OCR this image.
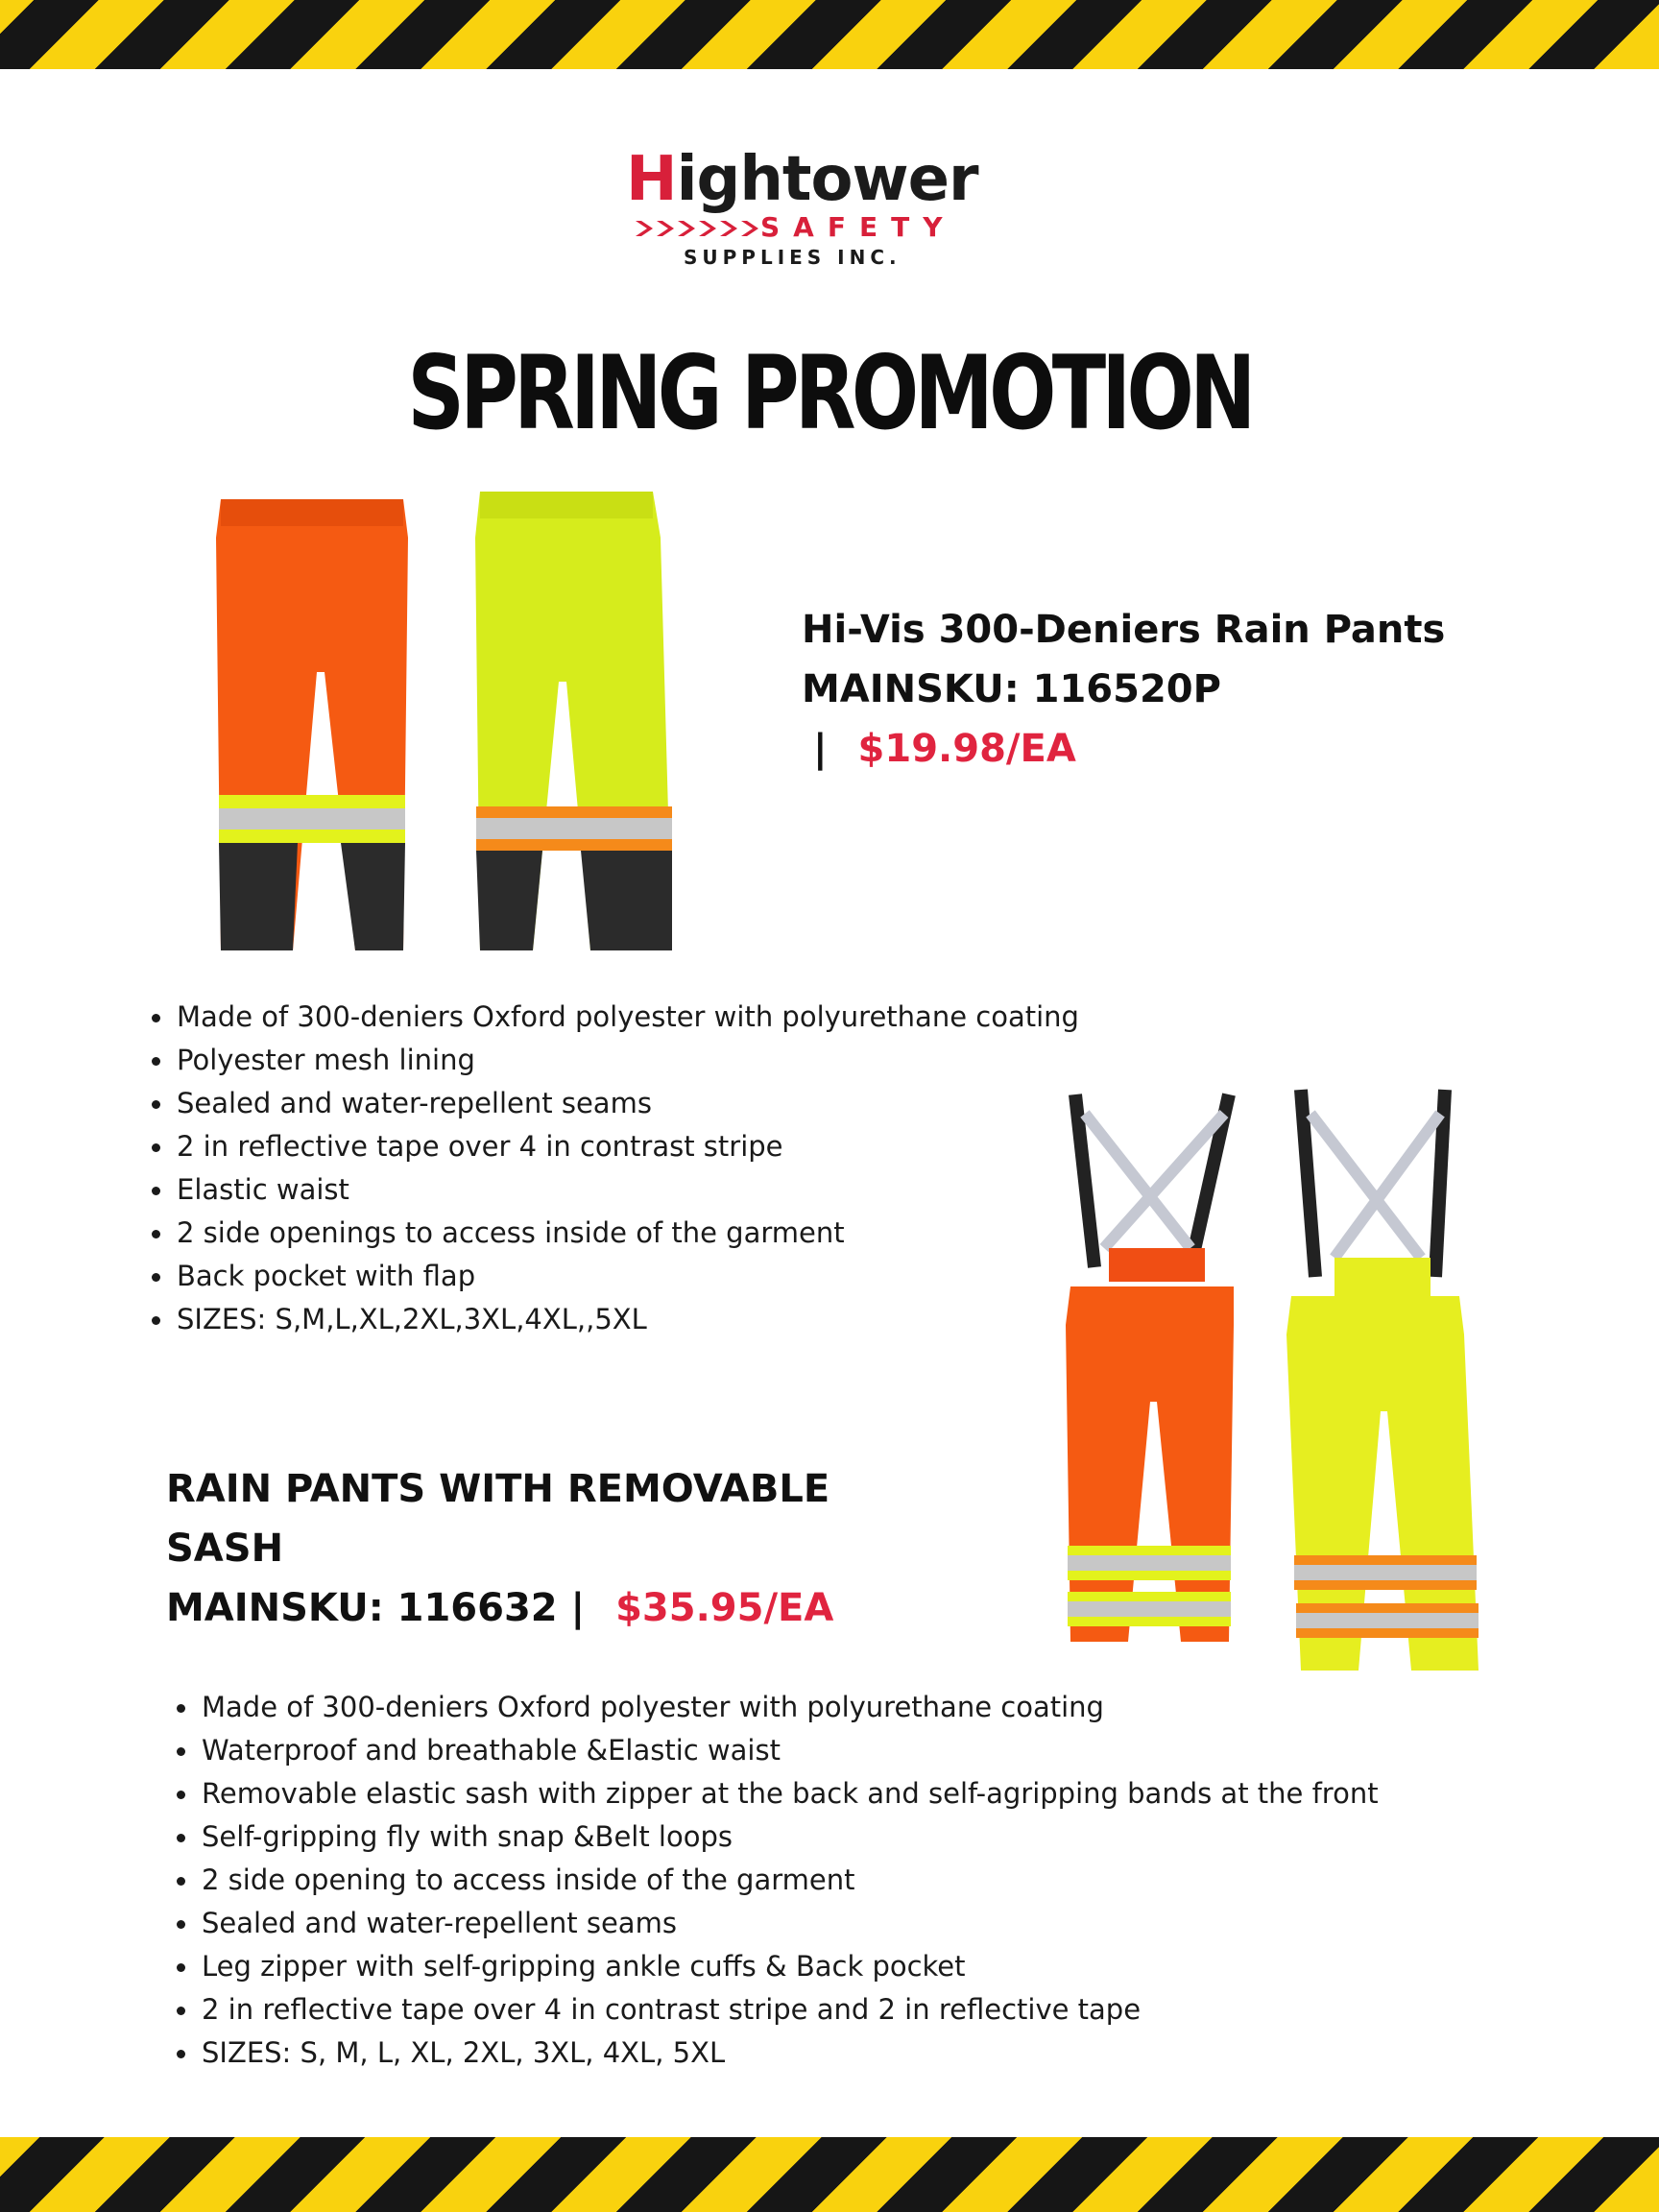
Hightower
SAFETY
SUPPLIES INC.
SPRING PROMOTION
Hi-Vis 300-Deniers Rain Pants
MAINSKU: 116520P
| $19.98/EA
Made of 300-deniers Oxford polyester with polyurethane coating
Polyester mesh lining
Sealed and water-repellent seams
2 in reflective tape over 4 in contrast stripe
Elastic waist
2 side openings to access inside of the garment
Back pocket with flap
SIZES: S,M,L,XL,2XL,3XL,4XL,,5XL
RAIN PANTS WITH REMOVABLE
SASH
MAINSKU: 116632 | $35.95/EA
Made of 300-deniers Oxford polyester with polyurethane coating
Waterproof and breathable &Elastic waist
Removable elastic sash with zipper at the back and self-agripping bands at the front
Self-gripping fly with snap &Belt loops
2 side opening to access inside of the garment
Sealed and water-repellent seams
Leg zipper with self-gripping ankle cuffs & Back pocket
2 in reflective tape over 4 in contrast stripe and 2 in reflective tape
SIZES: S, M, L, XL, 2XL, 3XL, 4XL, 5XL
